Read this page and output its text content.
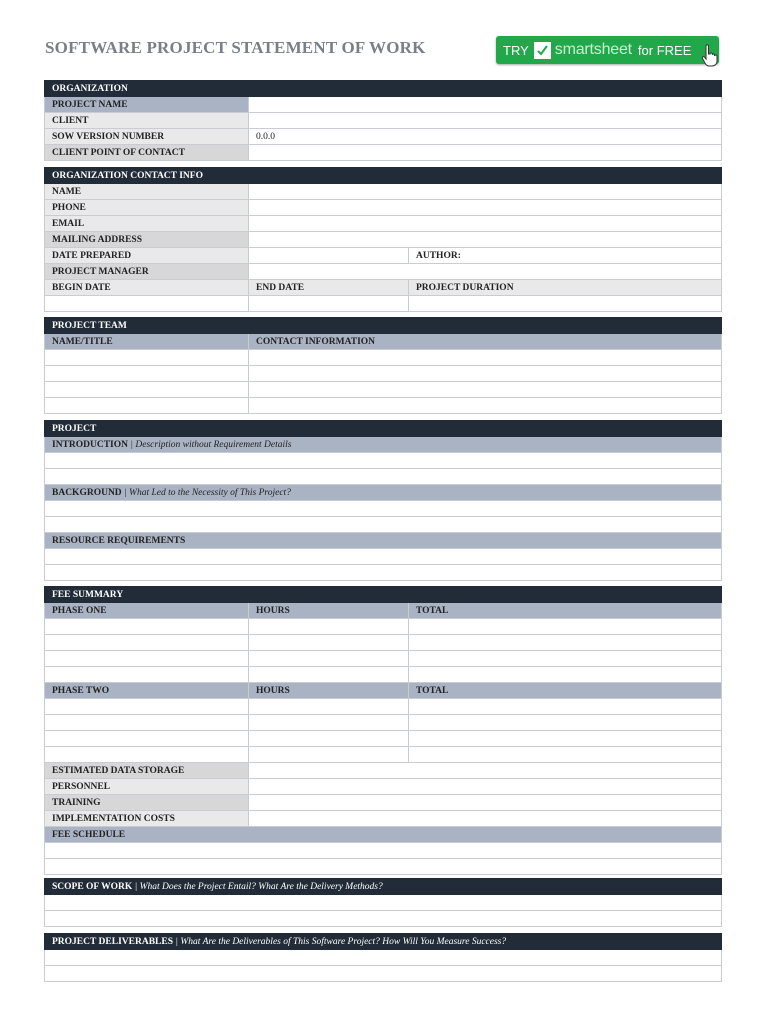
SOFTWARE PROJECT STATEMENT OF WORK	TRY smartsheet for FREE
ORGANIZATION	
PROJECT NAME	
CLIENT	
SOW VERSION NUMBER	0.0.0
CLIENT POINT OF CONTACT	
ORGANIZATION CONTACT INFO		
NAME		
PHONE		
EMAIL		
MAILING ADDRESS		
DATE PREPARED		AUTHOR:
PROJECT MANAGER		
BEGIN DATE	END DATE	PROJECT DURATION

PROJECT TEAM	
NAME/TITLE	CONTACT INFORMATION

PROJECT
INTRODUCTION | Description without Requirement Details

BACKGROUND | What Led to the Necessity of This Project?

RESOURCE REQUIREMENTS

FEE SUMMARY		
PHASE ONE	HOURS	TOTAL

PHASE TWO	HOURS	TOTAL

ESTIMATED DATA STORAGE		
PERSONNEL		
TRAINING		
IMPLEMENTATION COSTS		
FEE SCHEDULE		

SCOPE OF WORK | What Does the Project Entail? What Are the Delivery Methods?

PROJECT DELIVERABLES | What Are the Deliverables of This Software Project? How Will You Measure Success?
